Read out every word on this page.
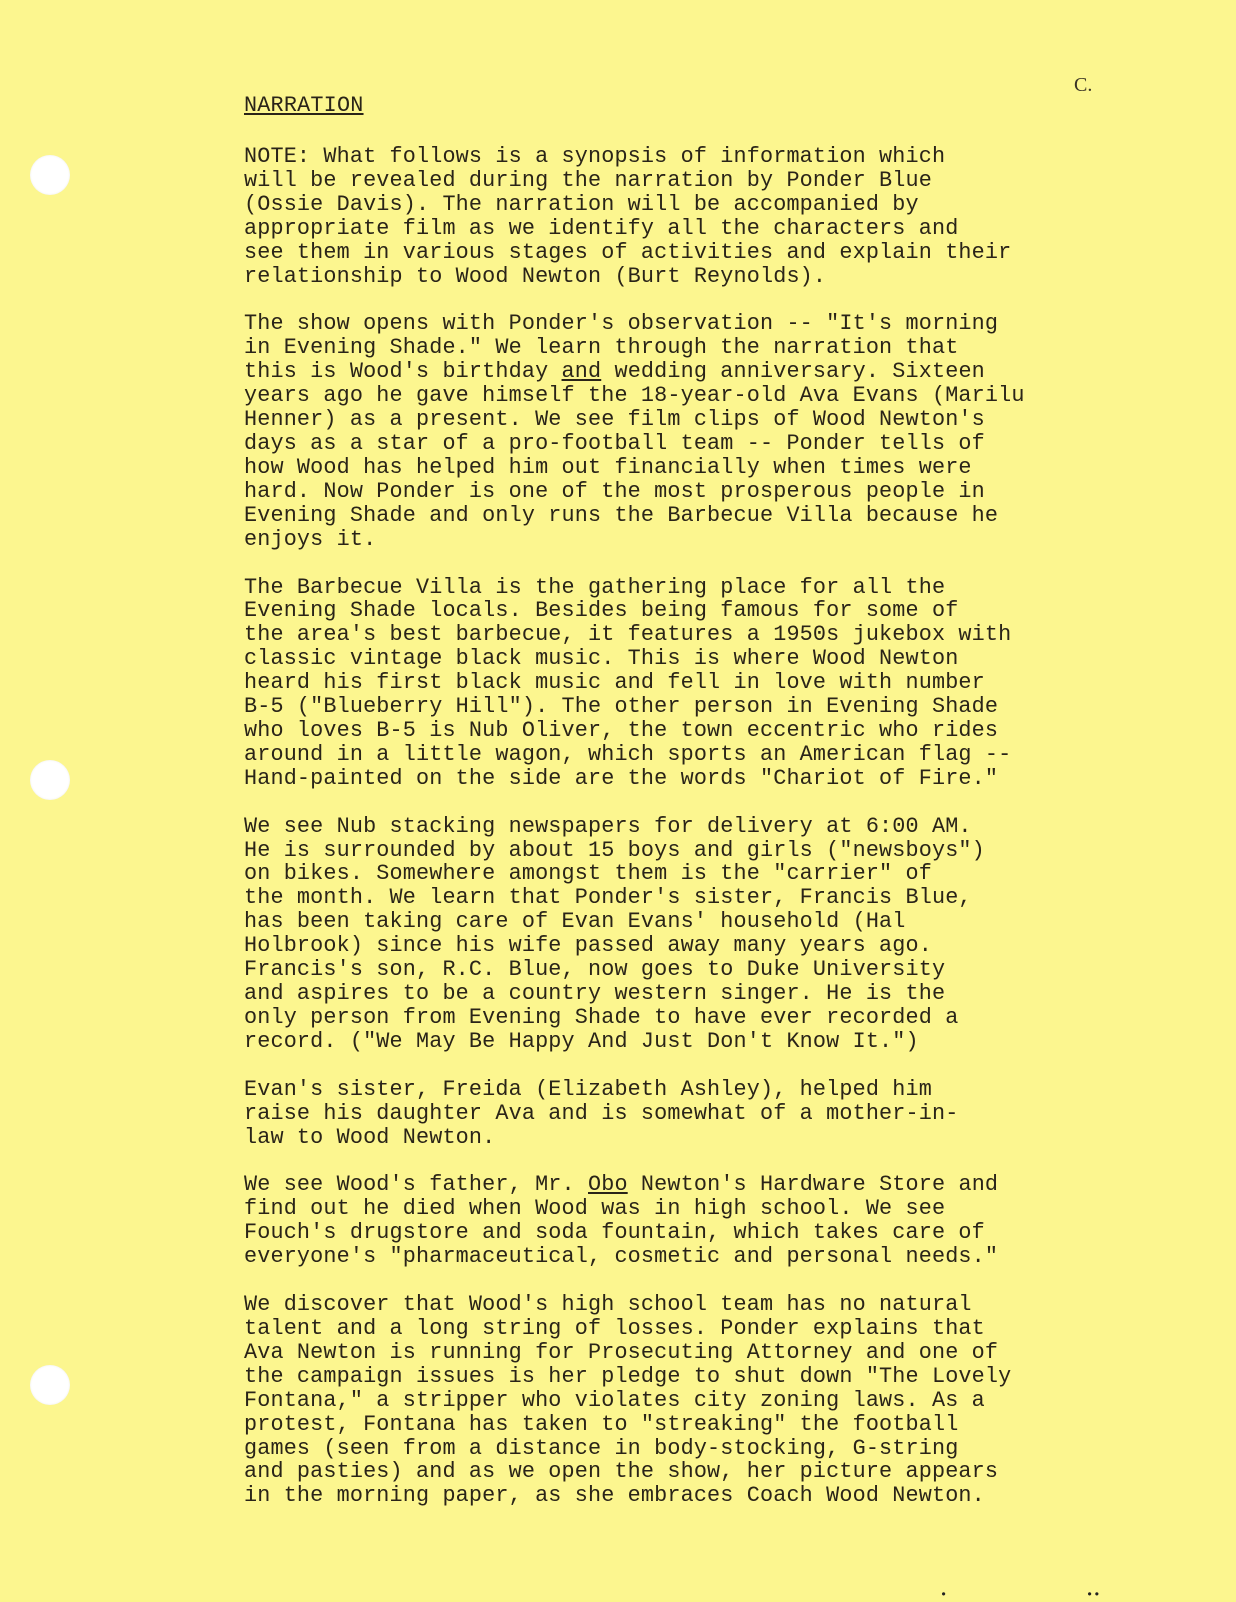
C.
NARRATION

NOTE: What follows is a synopsis of information which
will be revealed during the narration by Ponder Blue
(Ossie Davis). The narration will be accompanied by
appropriate film as we identify all the characters and
see them in various stages of activities and explain their
relationship to Wood Newton (Burt Reynolds).

The show opens with Ponder's observation -- "It's morning
in Evening Shade." We learn through the narration that
this is Wood's birthday and wedding anniversary. Sixteen
years ago he gave himself the 18-year-old Ava Evans (Marilu
Henner) as a present. We see film clips of Wood Newton's
days as a star of a pro-football team -- Ponder tells of
how Wood has helped him out financially when times were
hard. Now Ponder is one of the most prosperous people in
Evening Shade and only runs the Barbecue Villa because he
enjoys it.

The Barbecue Villa is the gathering place for all the
Evening Shade locals. Besides being famous for some of
the area's best barbecue, it features a 1950s jukebox with
classic vintage black music. This is where Wood Newton
heard his first black music and fell in love with number
B-5 ("Blueberry Hill"). The other person in Evening Shade
who loves B-5 is Nub Oliver, the town eccentric who rides
around in a little wagon, which sports an American flag --
Hand-painted on the side are the words "Chariot of Fire."

We see Nub stacking newspapers for delivery at 6:00 AM.
He is surrounded by about 15 boys and girls ("newsboys")
on bikes. Somewhere amongst them is the "carrier" of
the month. We learn that Ponder's sister, Francis Blue,
has been taking care of Evan Evans' household (Hal
Holbrook) since his wife passed away many years ago.
Francis's son, R.C. Blue, now goes to Duke University
and aspires to be a country western singer. He is the
only person from Evening Shade to have ever recorded a
record. ("We May Be Happy And Just Don't Know It.")

Evan's sister, Freida (Elizabeth Ashley), helped him
raise his daughter Ava and is somewhat of a mother-in-
law to Wood Newton.

We see Wood's father, Mr. Obo Newton's Hardware Store and
find out he died when Wood was in high school. We see
Fouch's drugstore and soda fountain, which takes care of
everyone's "pharmaceutical, cosmetic and personal needs."

We discover that Wood's high school team has no natural
talent and a long string of losses. Ponder explains that
Ava Newton is running for Prosecuting Attorney and one of
the campaign issues is her pledge to shut down "The Lovely
Fontana," a stripper who violates city zoning laws. As a
protest, Fontana has taken to "streaking" the football
games (seen from a distance in body-stocking, G-string
and pasties) and as we open the show, her picture appears
in the morning paper, as she embraces Coach Wood Newton.

•	••
